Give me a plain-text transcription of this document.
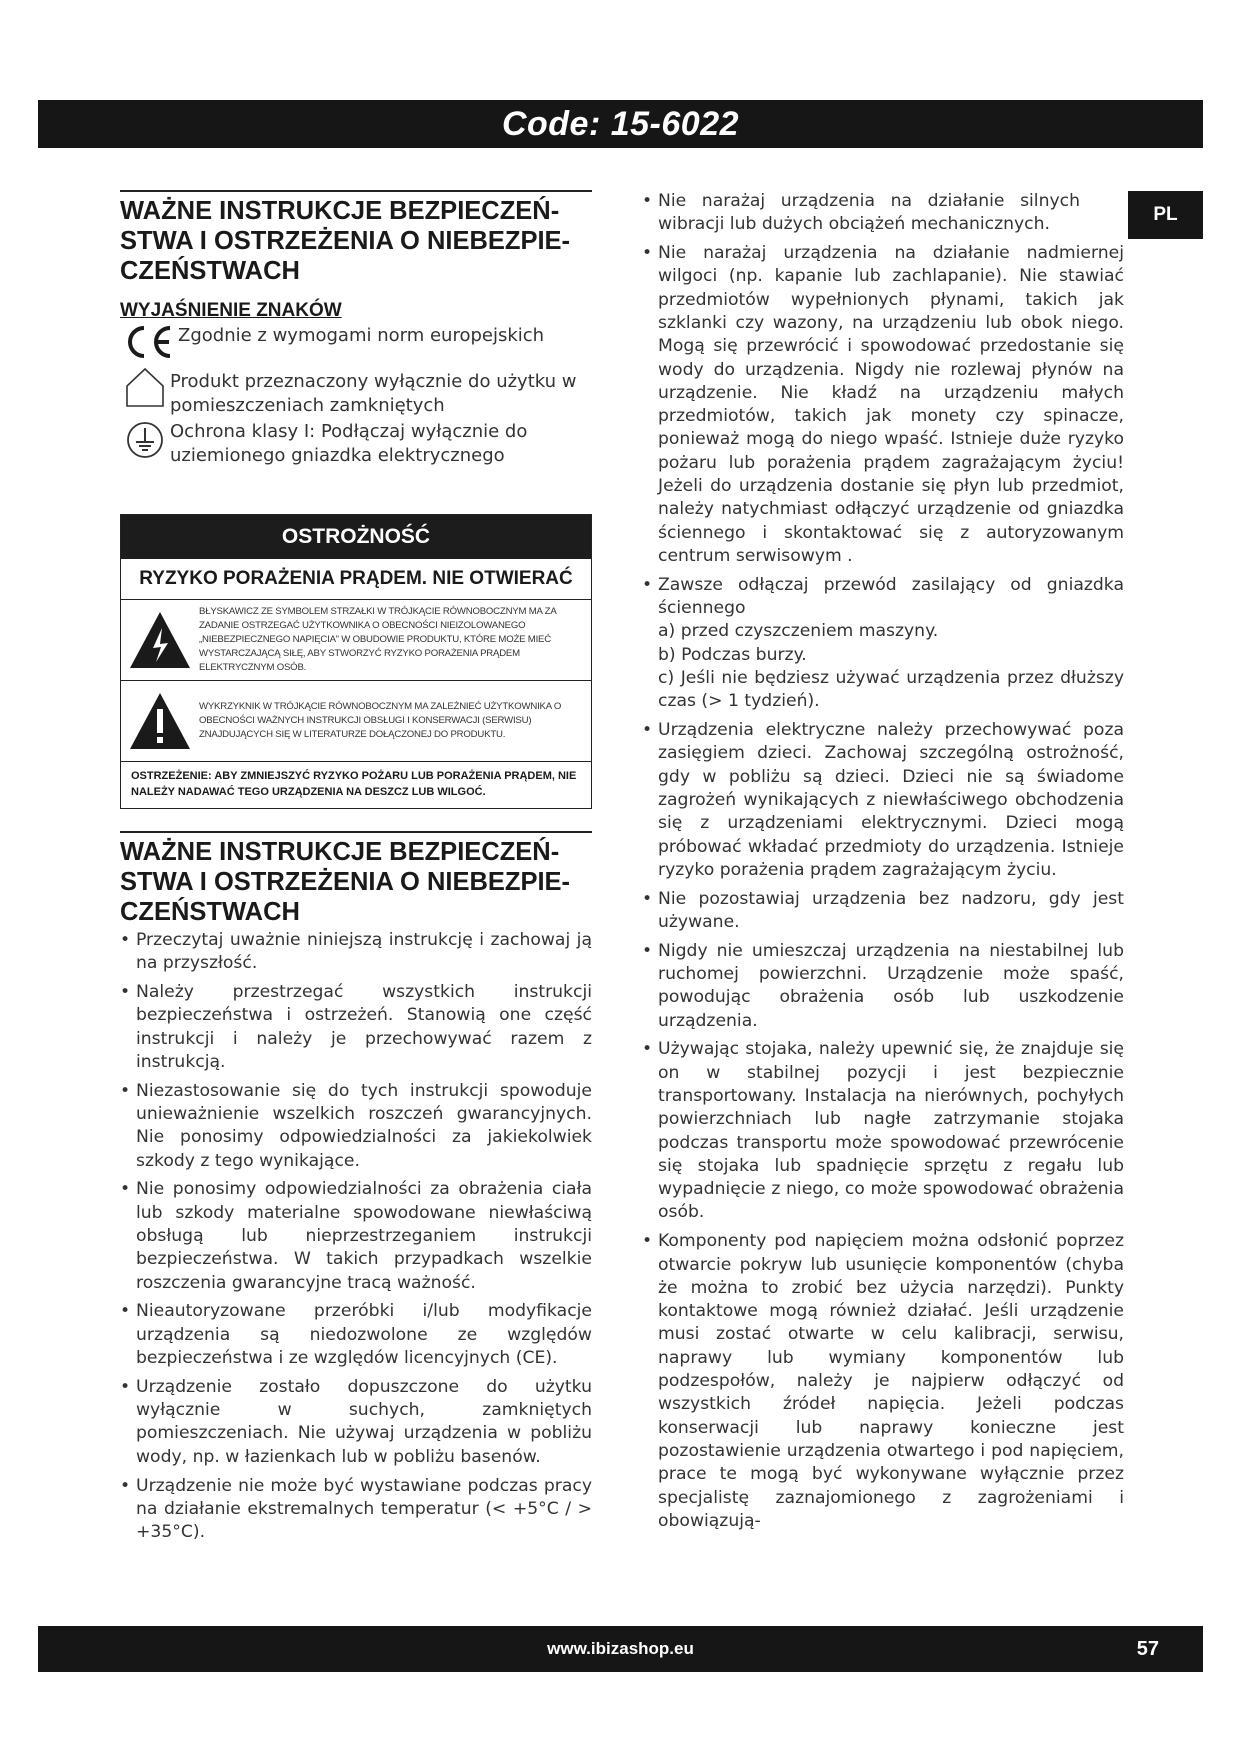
Code: 15-6022
PL
WAŻNE INSTRUKCJE BEZPIECZEŃ-STWA I OSTRZEŻENIA O NIEBEZPIE-CZEŃSTWACH
WYJAŚNIENIE ZNAKÓW
Zgodnie z wymogami norm europejskich
Produkt przeznaczony wyłącznie do użytku w pomieszczeniach zamkniętych
Ochrona klasy I: Podłączaj wyłącznie do uziemionego gniazdka elektrycznego
OSTROŻNOŚĆ
RYZYKO PORAŻENIA PRĄDEM. NIE OTWIERAĆ
BŁYSKAWICZ ZE SYMBOLEM STRZAŁKI W TRÓJKĄCIE RÓWNOBOCZNYM MA ZA ZADANIE OSTRZEGAĆ UŻYTKOWNIKA O OBECNOŚCI NIEIZOLOWANEGO „NIEBEZPIECZNEGO NAPIĘCIA” W OBUDOWIE PRODUKTU, KTÓRE MOŻE MIEĆ WYSTARCZAJĄCĄ SIŁĘ, ABY STWORZYĆ RYZYKO PORAŻENIA PRĄDEM ELEKTRYCZNYM OSÓB.
WYKRZYKNIK W TRÓJKĄCIE RÓWNOBOCZNYM MA ZALEŻNIEĆ UŻYTKOWNIKA O OBECNOŚCI WAŻNYCH INSTRUKCJI OBSŁUGI I KONSERWACJI (SERWISU) ZNAJDUJĄCYCH SIĘ W LITERATURZE DOŁĄCZONEJ DO PRODUKTU.
OSTRZEŻENIE: ABY ZMNIEJSZYĆ RYZYKO POŻARU LUB PORAŻENIA PRĄDEM, NIE NALEŻY NADAWAĆ TEGO URZĄDZENIA NA DESZCZ LUB WILGOĆ.
WAŻNE INSTRUKCJE BEZPIECZEŃ-STWA I OSTRZEŻENIA O NIEBEZPIE-CZEŃSTWACH
• Przeczytaj uważnie niniejszą instrukcję i zachowaj ją na przyszłość.
• Należy przestrzegać wszystkich instrukcji bezpieczeństwa i ostrzeżeń. Stanowią one część instrukcji i należy je przechowywać razem z instrukcją.
• Niezastosowanie się do tych instrukcji spowoduje unieważnienie wszelkich roszczeń gwarancyjnych. Nie ponosimy odpowiedzialności za jakiekolwiek szkody z tego wynikające.
• Nie ponosimy odpowiedzialności za obrażenia ciała lub szkody materialne spowodowane niewłaściwą obsługą lub nieprzestrzeganiem instrukcji bezpieczeństwa. W takich przypadkach wszelkie roszczenia gwarancyjne tracą ważność.
• Nieautoryzowane przeróbki i/lub modyfikacje urządzenia są niedozwolone ze względów bezpieczeństwa i ze względów licencyjnych (CE).
• Urządzenie zostało dopuszczone do użytku wyłącznie w suchych, zamkniętych pomieszczeniach. Nie używaj urządzenia w pobliżu wody, np. w łazienkach lub w pobliżu basenów.
• Urządzenie nie może być wystawiane podczas pracy na działanie ekstremalnych temperatur (< +5°C / > +35°C).
• Nie narażaj urządzenia na działanie silnych wibracji lub dużych obciążeń mechanicznych.
• Nie narażaj urządzenia na działanie nadmiernej wilgoci (np. kapanie lub zachlapanie). Nie stawiać przedmiotów wypełnionych płynami, takich jak szklanki czy wazony, na urządzeniu lub obok niego. Mogą się przewrócić i spowodować przedostanie się wody do urządzenia. Nigdy nie rozlewaj płynów na urządzenie. Nie kładź na urządzeniu małych przedmiotów, takich jak monety czy spinacze, ponieważ mogą do niego wpaść. Istnieje duże ryzyko pożaru lub porażenia prądem zagrażającym życiu! Jeżeli do urządzenia dostanie się płyn lub przedmiot, należy natychmiast odłączyć urządzenie od gniazdka ściennego i skontaktować się z autoryzowanym centrum serwisowym .
• Zawsze odłączaj przewód zasilający od gniazdka ściennego
a) przed czyszczeniem maszyny.
b) Podczas burzy.
c) Jeśli nie będziesz używać urządzenia przez dłuższy czas (> 1 tydzień).
• Urządzenia elektryczne należy przechowywać poza zasięgiem dzieci. Zachowaj szczególną ostrożność, gdy w pobliżu są dzieci. Dzieci nie są świadome zagrożeń wynikających z niewłaściwego obchodzenia się z urządzeniami elektrycznymi. Dzieci mogą próbować wkładać przedmioty do urządzenia. Istnieje ryzyko porażenia prądem zagrażającym życiu.
• Nie pozostawiaj urządzenia bez nadzoru, gdy jest używane.
• Nigdy nie umieszczaj urządzenia na niestabilnej lub ruchomej powierzchni. Urządzenie może spaść, powodując obrażenia osób lub uszkodzenie urządzenia.
• Używając stojaka, należy upewnić się, że znajduje się on w stabilnej pozycji i jest bezpiecznie transportowany. Instalacja na nierównych, pochyłych powierzchniach lub nagłe zatrzymanie stojaka podczas transportu może spowodować przewrócenie się stojaka lub spadnięcie sprzętu z regału lub wypadnięcie z niego, co może spowodować obrażenia osób.
• Komponenty pod napięciem można odsłonić poprzez otwarcie pokryw lub usunięcie komponentów (chyba że można to zrobić bez użycia narzędzi). Punkty kontaktowe mogą również działać. Jeśli urządzenie musi zostać otwarte w celu kalibracji, serwisu, naprawy lub wymiany komponentów lub podzespołów, należy je najpierw odłączyć od wszystkich źródeł napięcia. Jeżeli podczas konserwacji lub naprawy konieczne jest pozostawienie urządzenia otwartego i pod napięciem, prace te mogą być wykonywane wyłącznie przez specjalistę zaznajomionego z zagrożeniami i obowiązują-
www.ibizashop.eu	57
